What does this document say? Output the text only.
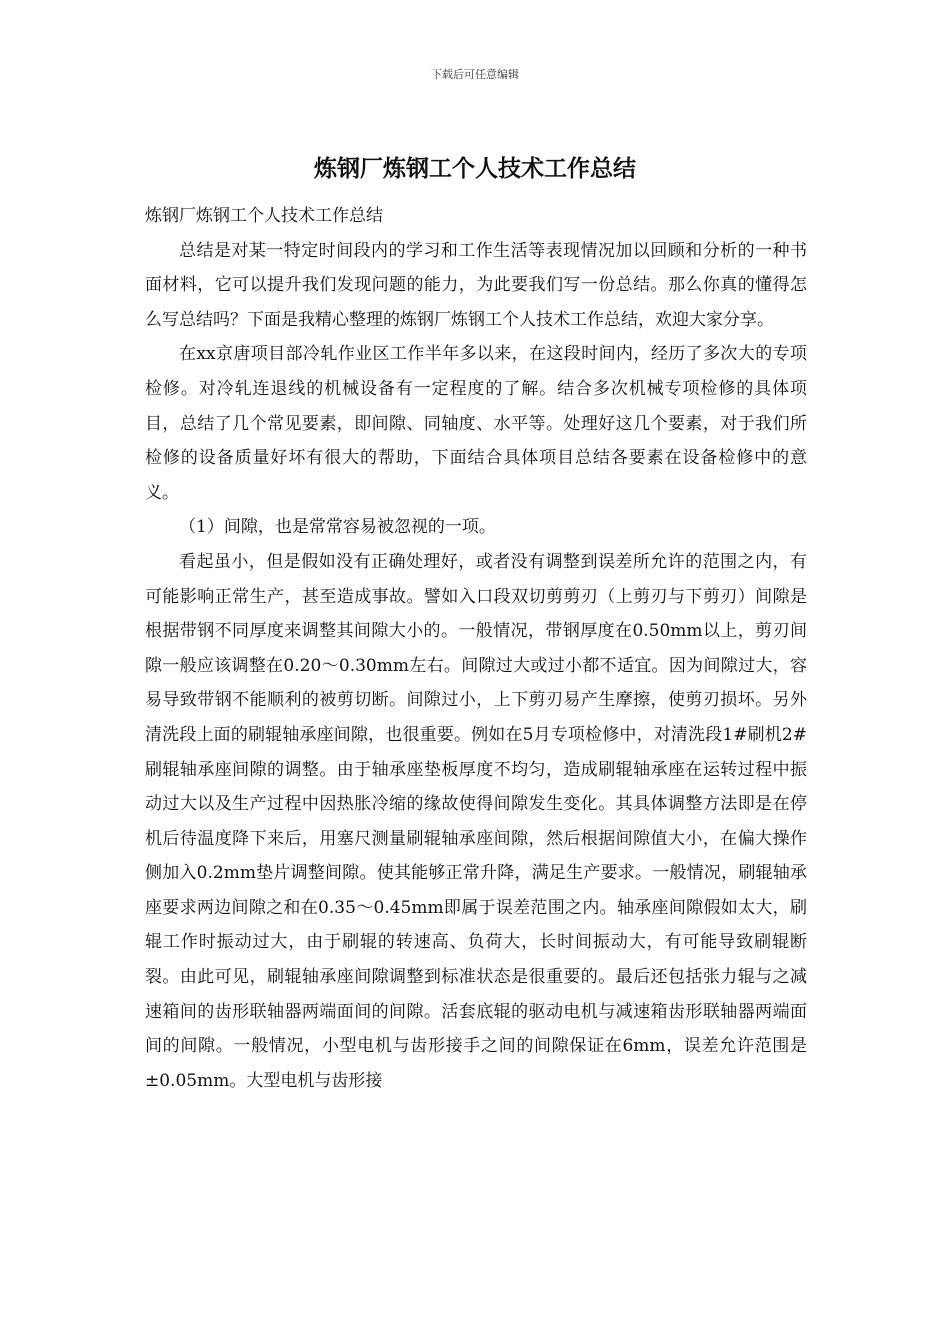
下载后可任意编辑
炼钢厂炼钢工个人技术工作总结

炼钢厂炼钢工个人技术工作总结

总结是对某一特定时间段内的学习和工作生活等表现情况加以回顾和分析的一种书面材料，它可以提升我们发现问题的能力，为此要我们写一份总结。那么你真的懂得怎么写总结吗？下面是我精心整理的炼钢厂炼钢工个人技术工作总结，欢迎大家分享。

在xx京唐项目部冷轧作业区工作半年多以来，在这段时间内，经历了多次大的专项检修。对冷轧连退线的机械设备有一定程度的了解。结合多次机械专项检修的具体项目，总结了几个常见要素，即间隙、同轴度、水平等。处理好这几个要素，对于我们所检修的设备质量好坏有很大的帮助，下面结合具体项目总结各要素在设备检修中的意义。

（1）间隙，也是常常容易被忽视的一项。

看起虽小，但是假如没有正确处理好，或者没有调整到误差所允许的范围之内，有可能影响正常生产，甚至造成事故。譬如入口段双切剪剪刃（上剪刃与下剪刃）间隙是根据带钢不同厚度来调整其间隙大小的。一般情况，带钢厚度在0.50mm以上，剪刃间隙一般应该调整在0.20～0.30mm左右。间隙过大或过小都不适宜。因为间隙过大，容易导致带钢不能顺利的被剪切断。间隙过小，上下剪刃易产生摩擦，使剪刃损坏。另外清洗段上面的刷辊轴承座间隙，也很重要。例如在5月专项检修中，对清洗段1#刷机2#刷辊轴承座间隙的调整。由于轴承座垫板厚度不均匀，造成刷辊轴承座在运转过程中振动过大以及生产过程中因热胀冷缩的缘故使得间隙发生变化。其具体调整方法即是在停机后待温度降下来后，用塞尺测量刷辊轴承座间隙，然后根据间隙值大小，在偏大操作侧加入0.2mm垫片调整间隙。使其能够正常升降，满足生产要求。一般情况，刷辊轴承座要求两边间隙之和在0.35～0.45mm即属于误差范围之内。轴承座间隙假如太大，刷辊工作时振动过大，由于刷辊的转速高、负荷大，长时间振动大，有可能导致刷辊断裂。由此可见，刷辊轴承座间隙调整到标准状态是很重要的。最后还包括张力辊与之减速箱间的齿形联轴器两端面间的间隙。活套底辊的驱动电机与减速箱齿形联轴器两端面间的间隙。一般情况，小型电机与齿形接手之间的间隙保证在6mm，误差允许范围是±0.05mm。大型电机与齿形接
